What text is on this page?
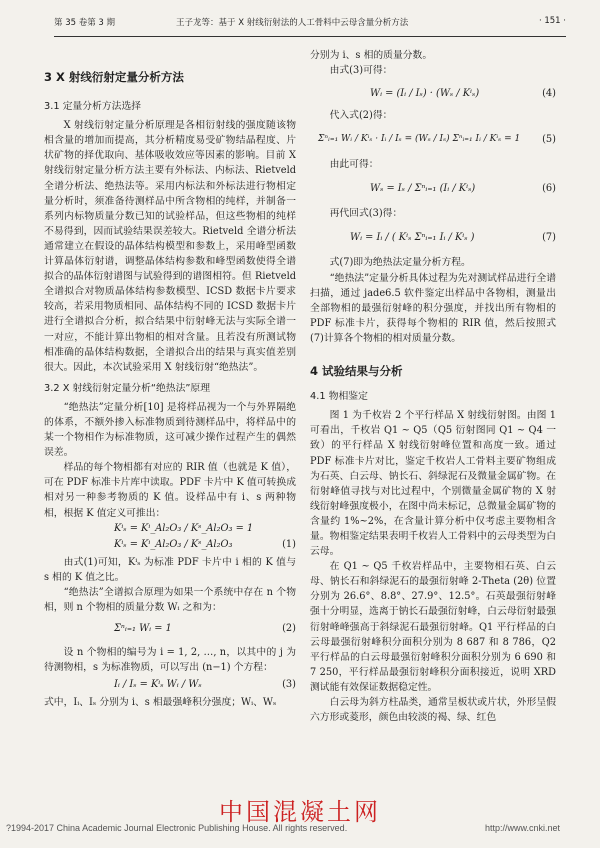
第 35 卷第 3 期	王子龙等：基于 X 射线衍射法的人工骨料中云母含量分析方法	· 151 ·
3 X 射线衍射定量分析方法
3.1 定量分析方法选择

X 射线衍射定量分析原理是各相衍射线的强度随该物相含量的增加而提高，其分析精度易受矿物结晶程度、片状矿物的择优取向、基体吸收效应等因素的影响。目前 X 射线衍射定量分析方法主要有外标法、内标法、Rietveld 全谱分析法、绝热法等。采用内标法和外标法进行物相定量分析时，须准备待测样品中所含物相的纯样，并制备一系列内标物质量分数已知的试验样品，但这些物相的纯样不易得到，因而试验结果误差较大。Rietveld 全谱分析法通常建立在假设的晶体结构模型和参数上，采用峰型函数计算晶体衍射谱，调整晶体结构参数和峰型函数使得全谱拟合的晶体衍射谱图与试验得到的谱图相符。但 Rietveld 全谱拟合对物质晶体结构参数模型、ICSD 数据卡片要求较高，若采用物质相同、晶体结构不同的 ICSD 数据卡片进行全谱拟合分析，拟合结果中衍射峰无法与实际全谱一一对应，不能计算出物相的相对含量。且若没有所测试物相准确的晶体结构数据，全谱拟合出的结果与真实值差别很大。因此，本次试验采用 X 射线衍射“绝热法”。

3.2 X 射线衍射定量分析“绝热法”原理

“绝热法”定量分析[10] 是将样品视为一个与外界隔绝的体系，不额外掺入标准物质到待测样品中，将样品中的某一个物相作为标准物质，这可减少操作过程产生的偶然误差。

样品的每个物相都有对应的 RIR 值（也就是 K 值），可在 PDF 标准卡片库中读取。PDF 卡片中 K 值可转换成相对另一种参考物质的 K 值。设样品中有 i、s 两种物相，根据 K 值定义可推出：

Kⁱₛ = Kⁱ_Al₂O₃ / Kˢ_Al₂O₃ = 1
Kⁱₛ = Kⁱ_Al₂O₃ / Kˢ_Al₂O₃	(1)

由式(1)可知，Kⁱₛ 为标准 PDF 卡片中 i 相的 K 值与 s 相的 K 值之比。

“绝热法”全谱拟合原理为如果一个系统中存在 n 个物相，则 n 个物相的质量分数 Wᵢ 之和为：

Σⁿᵢ₌₁ Wᵢ = 1	(2)

设 n 个物相的编号为 i = 1, 2, …, n，以其中的 j 为待测物相，s 为标准物质，可以写出 (n−1) 个方程：

Iᵢ / Iₛ = Kⁱₛ Wᵢ / Wₛ	(3)

式中，Iᵢ、Iₛ 分别为 i、s 相最强峰积分强度；Wᵢ、Wₛ

分别为 i、s 相的质量分数。

由式(3)可得：

Wᵢ = (Iᵢ / Iₛ) · (Wₛ / Kⁱₛ)	(4)

代入式(2)得：

Σⁿᵢ₌₁ Wᵢ / Kⁱₛ · Iᵢ / Iₛ = (Wₛ / Iₛ) Σⁿᵢ₌₁ Iᵢ / Kⁱₛ = 1 (5)

由此可得：

Wₛ = Iₛ / Σⁿᵢ₌₁ (Iᵢ / Kⁱₛ)	(6)

再代回式(3)得：

Wᵢ = Iᵢ / ( Kⁱₛ Σⁿᵢ₌₁ Iᵢ / Kⁱₛ )	(7)

式(7)即为绝热法定量分析方程。

“绝热法”定量分析具体过程为先对测试样品进行全谱扫描，通过 jade6.5 软件鉴定出样品中各物相，测量出全部物相的最强衍射峰的积分强度，并找出所有物相的 PDF 标准卡片，获得每个物相的 RIR 值，然后按照式(7)计算各个物相的相对质量分数。

4 试验结果与分析
4.1 物相鉴定

图 1 为千枚岩 2 个平行样品 X 射线衍射图。由图 1 可看出，千枚岩 Q1 ~ Q5（Q5 衍射图同 Q1 ~ Q4 一致）的平行样品 X 射线衍射峰位置和高度一致。通过 PDF 标准卡片对比，鉴定千枚岩人工骨料主要矿物组成为石英、白云母、钠长石、斜绿泥石及微量金属矿物。在衍射峰值寻找与对比过程中，个别微量金属矿物的 X 射线衍射峰强度极小，在图中尚未标记，总微量金属矿物的含量约 1%~2%，在含量计算分析中仅考虑主要物相含量。物相鉴定结果表明千枚岩人工骨料中的云母类型为白云母。

在 Q1 ~ Q5 千枚岩样品中，主要物相石英、白云母、钠长石和斜绿泥石的最强衍射峰 2-Theta (2θ) 位置分别为 26.6°、8.8°、27.9°、12.5°。石英最强衍射峰强十分明显，选离于钠长石最强衍射峰，白云母衍射最强衍射峰峰强高于斜绿泥石最强衍射峰。Q1 平行样品的白云母最强衍射峰积分面积分别为 8 687 和 8 786，Q2 平行样品的白云母最强衍射峰积分面积分别为 6 690 和 7 250，平行样品最强衍射峰积分面积接近，说明 XRD 测试能有效保证数据稳定性。

白云母为斜方柱晶类，通常呈板状或片状，外形呈假六方形或菱形，颜色由较淡的褐、绿、红色

中国混凝土网
?1994-2017 China Academic Journal Electronic Publishing House. All rights reserved.	http://www.cnki.net
